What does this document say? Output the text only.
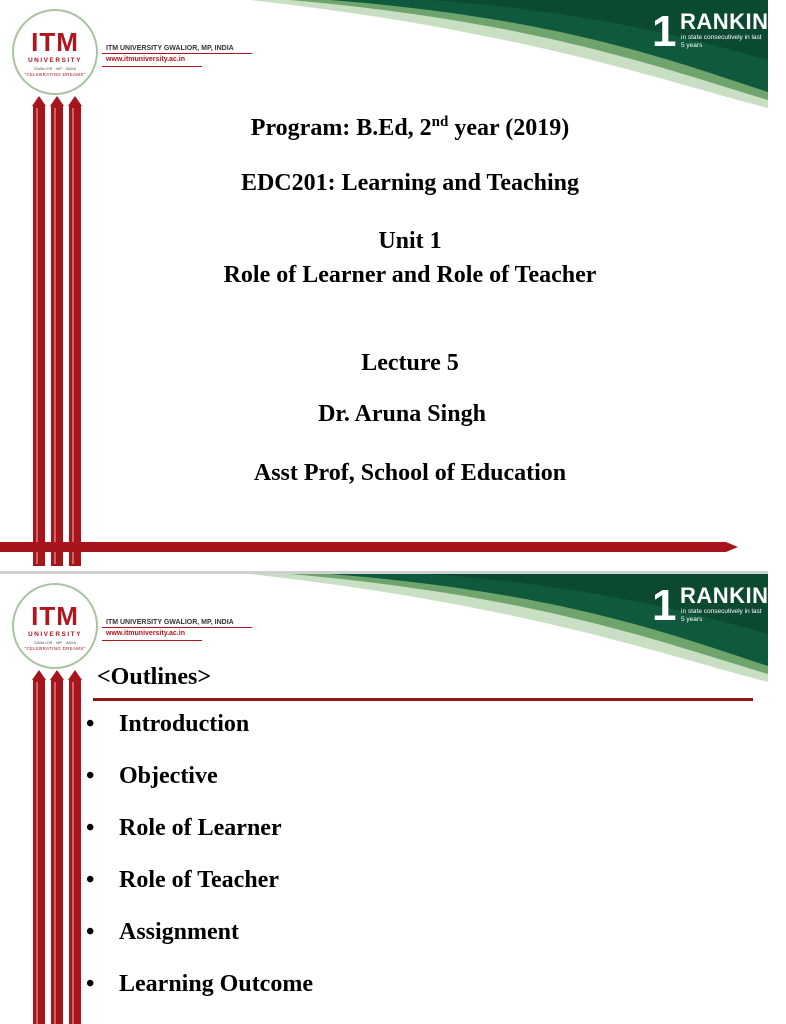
ITM
UNIVERSITY
GWALIOR · MP · INDIA
"CELEBRATING DREAMS"
ITM UNIVERSITY GWALIOR, MP, INDIA
www.itmuniversity.ac.in
1 RANKING
in state consecutively in last
5 years
Program: B.Ed, 2nd year (2019)
EDC201: Learning and Teaching
Unit 1
Role of Learner and Role of Teacher
Lecture 5
Dr. Aruna Singh
Asst Prof, School of Education
ITM
UNIVERSITY
GWALIOR · MP · INDIA
"CELEBRATING DREAMS"
ITM UNIVERSITY GWALIOR, MP, INDIA
www.itmuniversity.ac.in
1 RANKING
in state consecutively in last
5 years
<Outlines>
•	Introduction
•	Objective
•	Role of Learner
•	Role of Teacher
•	Assignment
•	Learning Outcome
